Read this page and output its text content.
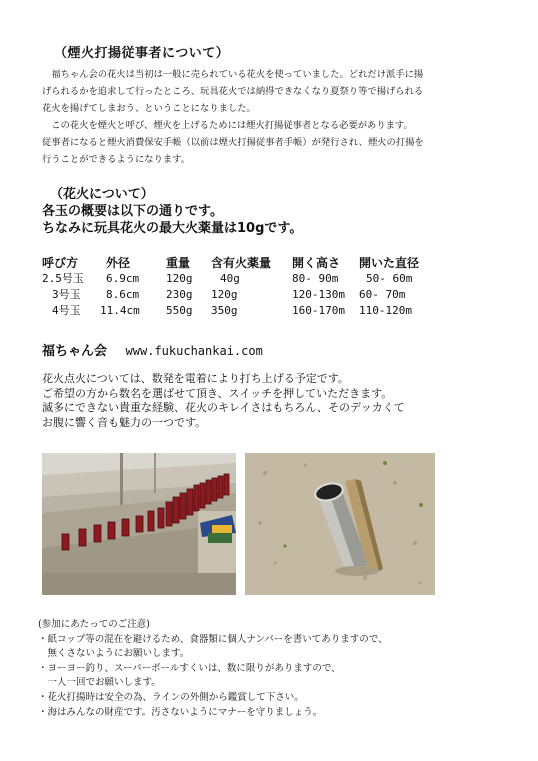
（煙火打揚従事者について）
　福ちゃん会の花火は当初は一般に売られている花火を使っていました。どれだけ派手に揚
げられるかを追求して行ったところ、玩具花火では納得できなくなり夏祭り等で揚げられる
花火を揚げてしまおう、ということになりました。
　この花火を煙火と呼び、煙火を上げるためには煙火打揚従事者となる必要があります。
従事者になると煙火消費保安手帳（以前は煙火打揚従事者手帳）が発行され、煙火の打揚を
行うことができるようになります。
（花火について）
各玉の概要は以下の通りです。
ちなみに玩具花火の最大火薬量は10gです。
呼び方 外径	重量 含有火薬量 開く高さ 開いた直径
2.5号玉 6.9cm 120g	40g	80- 90m	50- 60m
3号玉 8.6cm 230g 120g	120-130m 60- 70m
4号玉 11.4cm 550g 350g	160-170m 110-120m
福ちゃん会 www.fukuchankai.com
花火点火については、数発を電着により打ち上げる予定です。
ご希望の方から数名を選ばせて頂き、スイッチを押していただきます。
滅多にできない貴重な経験、花火のキレイさはもちろん、そのデッカくて
お腹に響く音も魅力の一つです。
(参加にあたってのご注意)
・紙コップ等の混在を避けるため、食器類に個人ナンバーを書いてありますので、
　無くさないようにお願いします。
・ヨーヨー釣り、スーパーボールすくいは、数に限りがありますので、
　一人一回でお願いします。
・花火打揚時は安全の為、ラインの外側から鑑賞して下さい。
・海はみんなの財産です。汚さないようにマナーを守りましょう。
